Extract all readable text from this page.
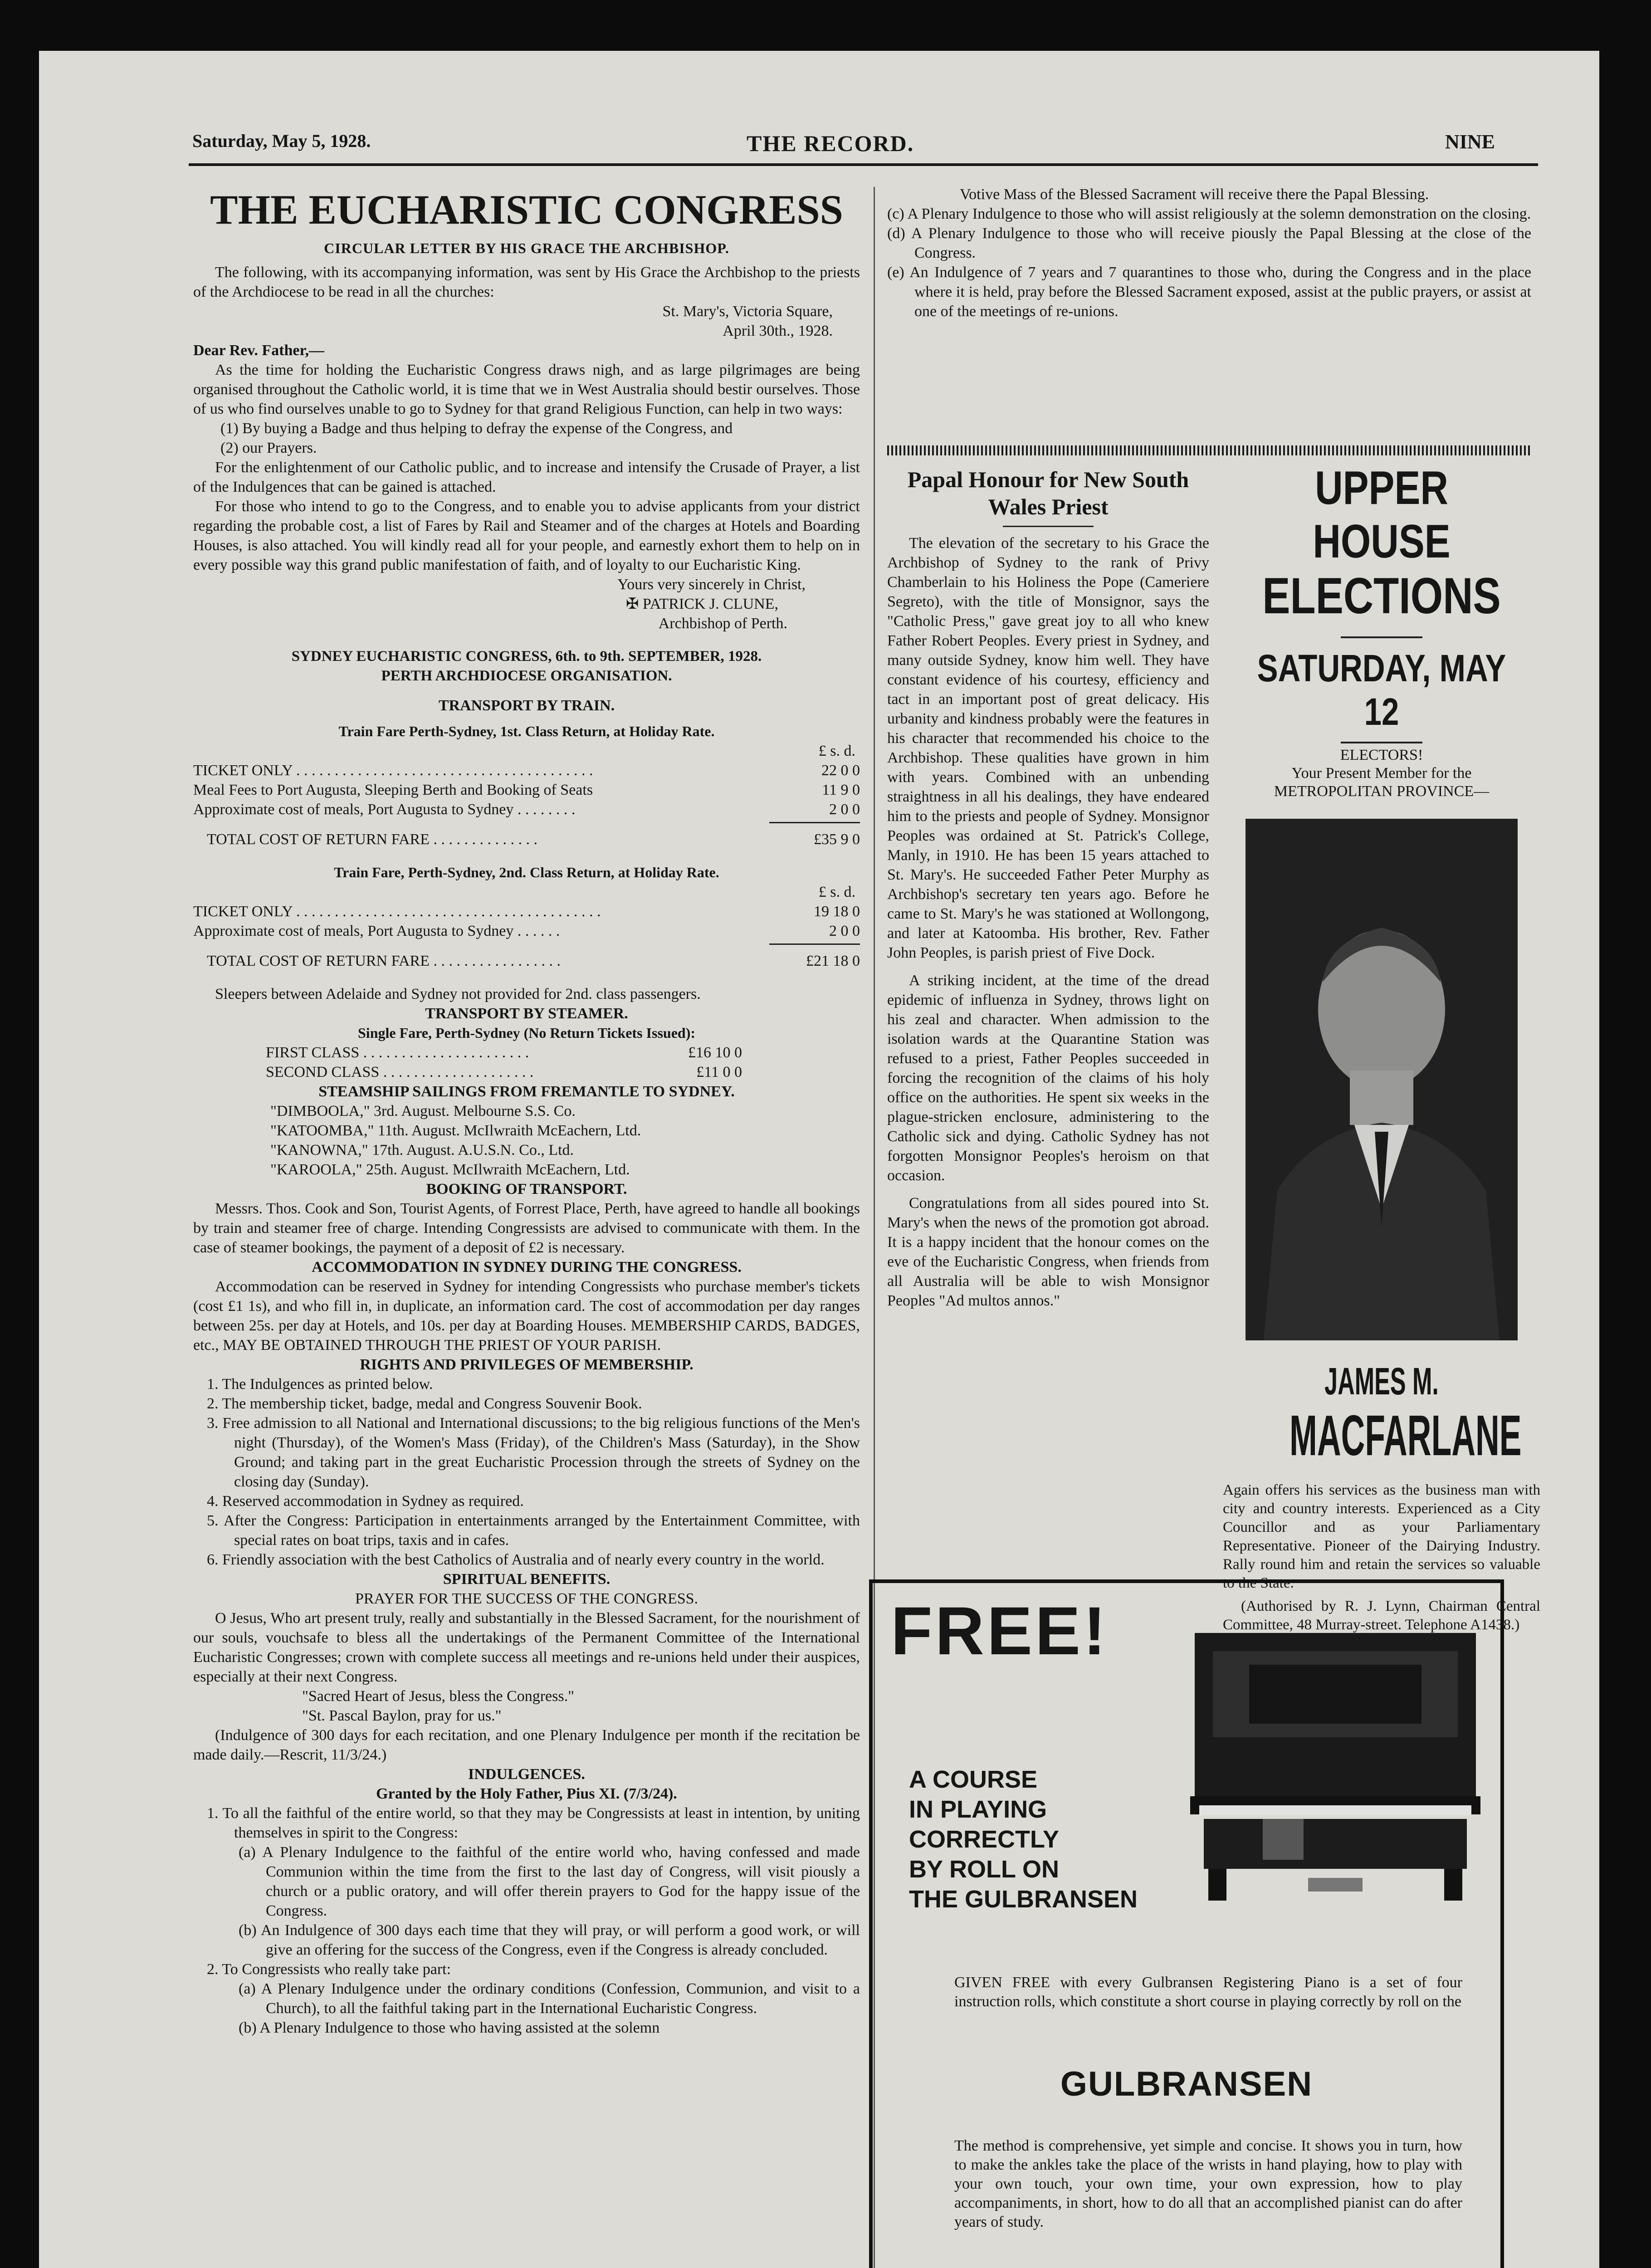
Saturday, May 5, 1928.	THE RECORD.	NINE
THE EUCHARISTIC CONGRESS

CIRCULAR LETTER BY HIS GRACE THE ARCHBISHOP.

The following, with its accompanying information, was sent by His Grace the Archbishop to the priests of the Archdiocese to be read in all the churches:

St. Mary's, Victoria Square,

April 30th., 1928.

Dear Rev. Father,—

As the time for holding the Eucharistic Congress draws nigh, and as large pilgrimages are being organised throughout the Catholic world, it is time that we in West Australia should bestir ourselves. Those of us who find ourselves unable to go to Sydney for that grand Religious Function, can help in two ways:

(1) By buying a Badge and thus helping to defray the expense of the Congress, and

(2) our Prayers.

For the enlightenment of our Catholic public, and to increase and intensify the Crusade of Prayer, a list of the Indulgences that can be gained is attached.

For those who intend to go to the Congress, and to enable you to advise applicants from your district regarding the probable cost, a list of Fares by Rail and Steamer and of the charges at Hotels and Boarding Houses, is also attached. You will kindly read all for your people, and earnestly exhort them to help on in every possible way this grand public manifestation of faith, and of loyalty to our Eucharistic King.

Yours very sincerely in Christ,

✠ PATRICK J. CLUNE,

Archbishop of Perth.

SYDNEY EUCHARISTIC CONGRESS, 6th. to 9th. SEPTEMBER, 1928.

PERTH ARCHDIOCESE ORGANISATION.

TRANSPORT BY TRAIN.

Train Fare Perth-Sydney, 1st. Class Return, at Holiday Rate.

£ s. d.

TICKET ONLY . . . . . . . . . . . . . . . . . . . . . . . . . . . . . . . . . . . . . . .	22 0 0
Meal Fees to Port Augusta, Sleeping Berth and Booking of Seats	11 9 0
Approximate cost of meals, Port Augusta to Sydney . . . . . . . .	2 0 0
TOTAL COST OF RETURN FARE . . . . . . . . . . . . . .	£35 9 0

Train Fare, Perth-Sydney, 2nd. Class Return, at Holiday Rate.

£ s. d.

TICKET ONLY . . . . . . . . . . . . . . . . . . . . . . . . . . . . . . . . . . . . . . . .	19 18 0
Approximate cost of meals, Port Augusta to Sydney . . . . . .	2 0 0
TOTAL COST OF RETURN FARE . . . . . . . . . . . . . . . . .	£21 18 0

Sleepers between Adelaide and Sydney not provided for 2nd. class passengers.

TRANSPORT BY STEAMER.

Single Fare, Perth-Sydney (No Return Tickets Issued):

FIRST CLASS . . . . . . . . . . . . . . . . . . . . . .	£16 10 0
SECOND CLASS . . . . . . . . . . . . . . . . . . . .	£11 0 0

STEAMSHIP SAILINGS FROM FREMANTLE TO SYDNEY.

"DIMBOOLA," 3rd. August. Melbourne S.S. Co.

"KATOOMBA," 11th. August. McIlwraith McEachern, Ltd.

"KANOWNA," 17th. August. A.U.S.N. Co., Ltd.

"KAROOLA," 25th. August. McIlwraith McEachern, Ltd.

BOOKING OF TRANSPORT.

Messrs. Thos. Cook and Son, Tourist Agents, of Forrest Place, Perth, have agreed to handle all bookings by train and steamer free of charge. Intending Congressists are advised to communicate with them. In the case of steamer bookings, the payment of a deposit of £2 is necessary.

ACCOMMODATION IN SYDNEY DURING THE CONGRESS.

Accommodation can be reserved in Sydney for intending Congressists who purchase member's tickets (cost £1 1s), and who fill in, in duplicate, an information card. The cost of accommodation per day ranges between 25s. per day at Hotels, and 10s. per day at Boarding Houses. MEMBERSHIP CARDS, BADGES, etc., MAY BE OBTAINED THROUGH THE PRIEST OF YOUR PARISH.

RIGHTS AND PRIVILEGES OF MEMBERSHIP.

1. The Indulgences as printed below.

2. The membership ticket, badge, medal and Congress Souvenir Book.

3. Free admission to all National and International discussions; to the big religious functions of the Men's night (Thursday), of the Women's Mass (Friday), of the Children's Mass (Saturday), in the Show Ground; and taking part in the great Eucharistic Procession through the streets of Sydney on the closing day (Sunday).

4. Reserved accommodation in Sydney as required.

5. After the Congress: Participation in entertainments arranged by the Entertainment Committee, with special rates on boat trips, taxis and in cafes.

6. Friendly association with the best Catholics of Australia and of nearly every country in the world.

SPIRITUAL BENEFITS.

PRAYER FOR THE SUCCESS OF THE CONGRESS.

O Jesus, Who art present truly, really and substantially in the Blessed Sacrament, for the nourishment of our souls, vouchsafe to bless all the undertakings of the Permanent Committee of the International Eucharistic Congresses; crown with complete success all meetings and re-unions held under their auspices, especially at their next Congress.

"Sacred Heart of Jesus, bless the Congress."

"St. Pascal Baylon, pray for us."

(Indulgence of 300 days for each recitation, and one Plenary Indulgence per month if the recitation be made daily.—Rescrit, 11/3/24.)

INDULGENCES.

Granted by the Holy Father, Pius XI. (7/3/24).

1. To all the faithful of the entire world, so that they may be Congressists at least in intention, by uniting themselves in spirit to the Congress:

(a) A Plenary Indulgence to the faithful of the entire world who, having confessed and made Communion within the time from the first to the last day of Congress, will visit piously a church or a public oratory, and will offer therein prayers to God for the happy issue of the Congress.

(b) An Indulgence of 300 days each time that they will pray, or will perform a good work, or will give an offering for the success of the Congress, even if the Congress is already concluded.

2. To Congressists who really take part:

(a) A Plenary Indulgence under the ordinary conditions (Confession, Communion, and visit to a Church), to all the faithful taking part in the International Eucharistic Congress.

(b) A Plenary Indulgence to those who having assisted at the solemn

Votive Mass of the Blessed Sacrament will receive there the Papal Blessing.

(c) A Plenary Indulgence to those who will assist religiously at the solemn demonstration on the closing.

(d) A Plenary Indulgence to those who will receive piously the Papal Blessing at the close of the Congress.

(e) An Indulgence of 7 years and 7 quarantines to those who, during the Congress and in the place where it is held, pray before the Blessed Sacrament exposed, assist at the public prayers, or assist at one of the meetings of re-unions.

Papal Honour for New South Wales Priest

The elevation of the secretary to his Grace the Archbishop of Sydney to the rank of Privy Chamberlain to his Holiness the Pope (Cameriere Segreto), with the title of Monsignor, says the "Catholic Press," gave great joy to all who knew Father Robert Peoples. Every priest in Sydney, and many outside Sydney, know him well. They have constant evidence of his courtesy, efficiency and tact in an important post of great delicacy. His urbanity and kindness probably were the features in his character that recommended his choice to the Archbishop. These qualities have grown in him with years. Combined with an unbending straightness in all his dealings, they have endeared him to the priests and people of Sydney. Monsignor Peoples was ordained at St. Patrick's College, Manly, in 1910. He has been 15 years attached to St. Mary's. He succeeded Father Peter Murphy as Archbishop's secretary ten years ago. Before he came to St. Mary's he was stationed at Wollongong, and later at Katoomba. His brother, Rev. Father John Peoples, is parish priest of Five Dock.

A striking incident, at the time of the dread epidemic of influenza in Sydney, throws light on his zeal and character. When admission to the isolation wards at the Quarantine Station was refused to a priest, Father Peoples succeeded in forcing the recognition of the claims of his holy office on the authorities. He spent six weeks in the plague-stricken enclosure, administering to the Catholic sick and dying. Catholic Sydney has not forgotten Monsignor Peoples's heroism on that occasion.

Congratulations from all sides poured into St. Mary's when the news of the promotion got abroad. It is a happy incident that the honour comes on the eve of the Eucharistic Congress, when friends from all Australia will be able to wish Monsignor Peoples "Ad multos annos."

UPPER HOUSE
ELECTIONS
SATURDAY, MAY 12

ELECTORS!

Your Present Member for the

METROPOLITAN PROVINCE—

JAMES M.
MACFARLANE

Again offers his services as the business man with city and country interests. Experienced as a City Councillor and as your Parliamentary Representative. Pioneer of the Dairying Industry. Rally round him and retain the services so valuable to the State.

(Authorised by R. J. Lynn, Chairman Central Committee, 48 Murray-street. Telephone A1438.)

FREE!

A COURSE

IN PLAYING

CORRECTLY

BY ROLL ON

THE GULBRANSEN

GIVEN FREE with every Gulbransen Registering Piano is a set of four instruction rolls, which constitute a short course in playing correctly by roll on the

GULBRANSEN

The method is comprehensive, yet simple and concise. It shows you in turn, how to make the ankles take the place of the wrists in hand playing, how to play with your own touch, your own time, your own expression, how to play accompaniments, in short, how to do all that an accomplished pianist can do after years of study.
